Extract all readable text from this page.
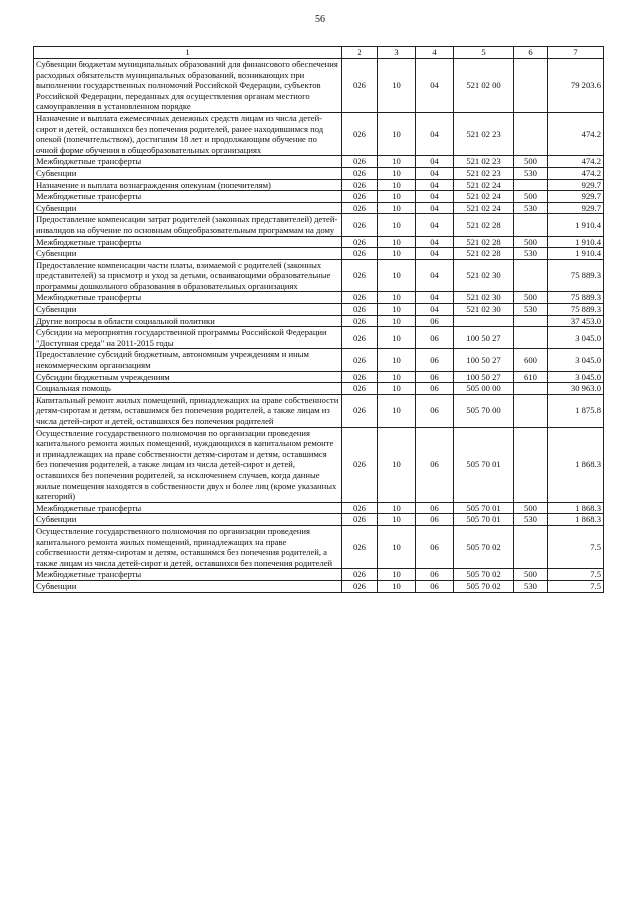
56
1	2	3	4	5	6	7
Субвенции бюджетам муниципальных образований для финансового обеспечения расходных обязательств муниципальных образований, возникающих при выполнении государственных полномочий Российской Федерации, субъектов Российской Федерации, переданных для осуществления органам местного самоуправления в установленном порядке	026	10	04	521 02 00		79 203.6
Назначение и выплата ежемесячных денежных средств лицам из числа детей-сирот и детей, оставшихся без попечения родителей, ранее находившимся под опекой (попечительством), достигшим 18 лет и продолжающим обучение по очной форме обучения в общеобразовательных организациях	026	10	04	521 02 23		474.2
Межбюджетные трансферты	026	10	04	521 02 23	500	474.2
Субвенции	026	10	04	521 02 23	530	474.2
Назначение и выплата вознаграждения опекунам (попечителям)	026	10	04	521 02 24		929.7
Межбюджетные трансферты	026	10	04	521 02 24	500	929.7
Субвенции	026	10	04	521 02 24	530	929.7
Предоставление компенсации затрат родителей (законных представителей) детей-инвалидов на обучение по основным общеобразовательным программам на дому	026	10	04	521 02 28		1 910.4
Межбюджетные трансферты	026	10	04	521 02 28	500	1 910.4
Субвенции	026	10	04	521 02 28	530	1 910.4
Предоставление компенсации части платы, взимаемой с родителей (законных представителей) за присмотр и уход за детьми, осваивающими образовательные программы дошкольного образования в образовательных организациях	026	10	04	521 02 30		75 889.3
Межбюджетные трансферты	026	10	04	521 02 30	500	75 889.3
Субвенции	026	10	04	521 02 30	530	75 889.3
Другие вопросы в области социальной политики	026	10	06			37 453.0
Субсидии на мероприятия государственной программы Российской Федерации "Доступная среда" на 2011-2015 годы	026	10	06	100 50 27		3 045.0
Предоставление субсидий бюджетным, автономным учреждениям и иным некоммерческим организациям	026	10	06	100 50 27	600	3 045.0
Субсидии бюджетным учреждениям	026	10	06	100 50 27	610	3 045.0
Социальная помощь	026	10	06	505 00 00		30 963.0
Капитальный ремонт жилых помещений, принадлежащих на праве собственности детям-сиротам и детям, оставшимся без попечения родителей, а также лицам из числа детей-сирот и детей, оставшихся без попечения родителей	026	10	06	505 70 00		1 875.8
Осуществление государственного полномочия по организации проведения капитального ремонта жилых помещений, нуждающихся в капитальном ремонте и принадлежащих на праве собственности детям-сиротам и детям, оставшимся без попечения родителей, а также лицам из числа детей-сирот и детей, оставшихся без попечения родителей, за исключением случаев, когда данные жилые помещения находятся в собственности двух и более лиц (кроме указанных категорий)	026	10	06	505 70 01		1 868.3
Межбюджетные трансферты	026	10	06	505 70 01	500	1 868.3
Субвенции	026	10	06	505 70 01	530	1 868.3
Осуществление государственного полномочия по организации проведения капитального ремонта жилых помещений, принадлежащих на праве собственности детям-сиротам и детям, оставшимся без попечения родителей, а также лицам из числа детей-сирот и детей, оставшихся без попечения родителей	026	10	06	505 70 02		7.5
Межбюджетные трансферты	026	10	06	505 70 02	500	7.5
Субвенции	026	10	06	505 70 02	530	7.5
